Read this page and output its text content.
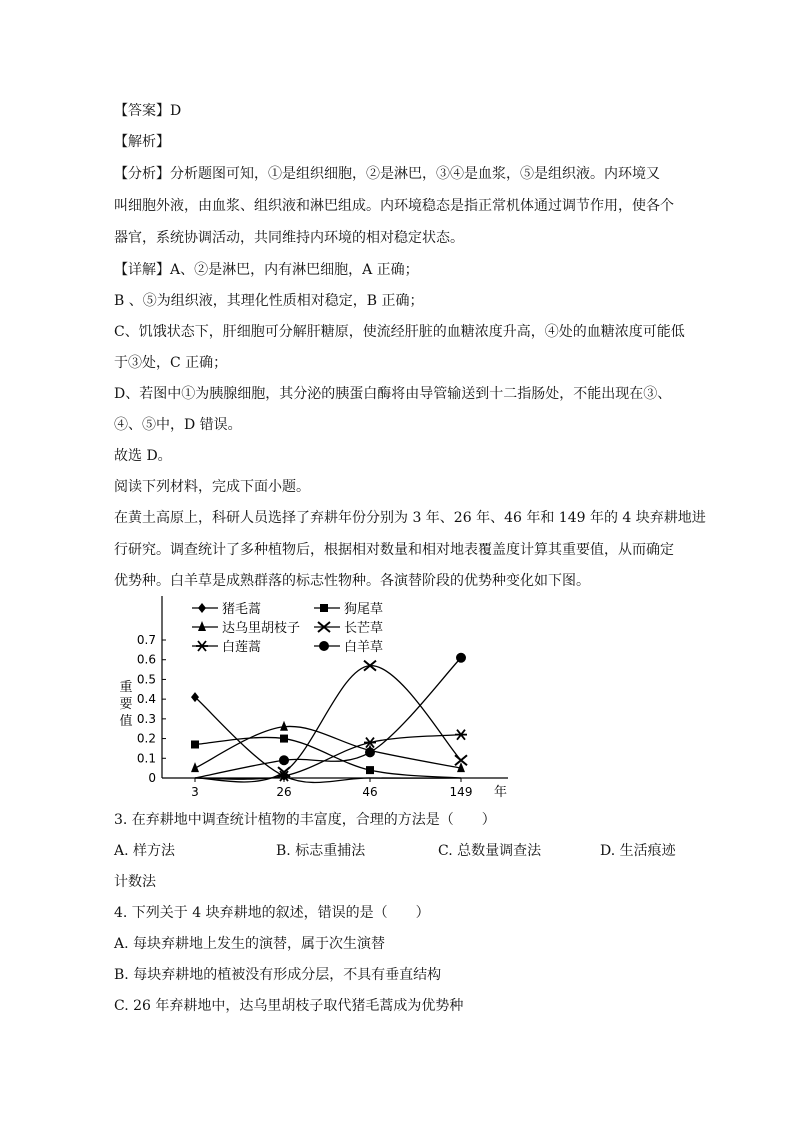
【答案】D
【解析】
【分析】分析题图可知，①是组织细胞，②是淋巴，③④是血浆，⑤是组织液。内环境又
叫细胞外液，由血浆、组织液和淋巴组成。内环境稳态是指正常机体通过调节作用，使各个
器官，系统协调活动，共同维持内环境的相对稳定状态。
【详解】A、②是淋巴，内有淋巴细胞，A 正确；
B 、⑤为组织液，其理化性质相对稳定，B 正确；
C、饥饿状态下，肝细胞可分解肝糖原，使流经肝脏的血糖浓度升高，④处的血糖浓度可能低
于③处，C 正确；
D、若图中①为胰腺细胞，其分泌的胰蛋白酶将由导管输送到十二指肠处，不能出现在③、
④、⑤中，D 错误。
故选 D。
阅读下列材料，完成下面小题。
在黄土高原上，科研人员选择了弃耕年份分别为 3 年、26 年、46 年和 149 年的 4 块弃耕地进
行研究。调查统计了多种植物后，根据相对数量和相对地表覆盖度计算其重要值，从而确定
优势种。白羊草是成熟群落的标志性物种。各演替阶段的优势种变化如下图。
0
0.1
0.2
0.3
0.4
0.5
0.6
0.7
3	26	46	149 年
重
要
值
猪毛蒿	狗尾草
达乌里胡枝子	长芒草
白莲蒿	白羊草
3. 在弃耕地中调查统计植物的丰富度，合理的方法是（　　）
A. 样方法	B. 标志重捕法	C. 总数量调查法	D. 生活痕迹
计数法
4. 下列关于 4 块弃耕地的叙述，错误的是（　　）
A. 每块弃耕地上发生的演替，属于次生演替
B. 每块弃耕地的植被没有形成分层，不具有垂直结构
C. 26 年弃耕地中，达乌里胡枝子取代猪毛蒿成为优势种
